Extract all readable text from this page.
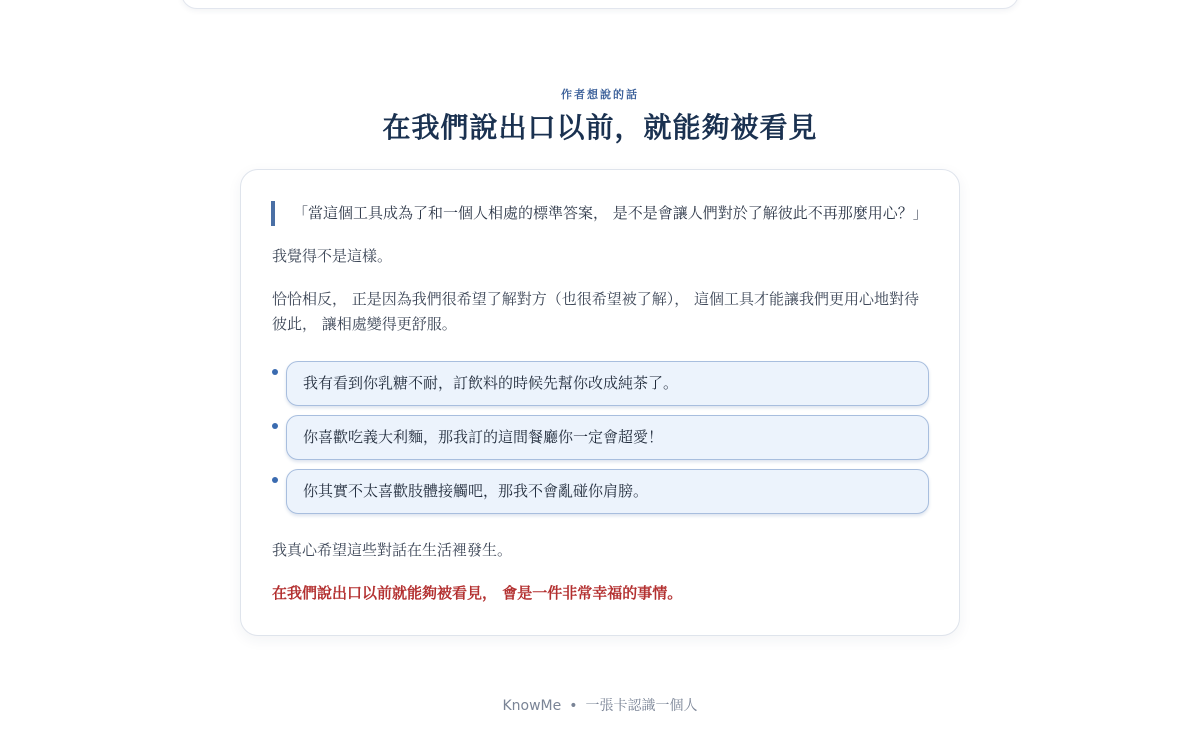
作者想說的話
在我們說出口以前，就能夠被看見
「當這個工具成為了和一個人相處的標準答案， 是不是會讓人們對於了解彼此不再那麼用心？」

我覺得不是這樣。

恰恰相反， 正是因為我們很希望了解對方（也很希望被了解）， 這個工具才能讓我們更用心地對待彼此， 讓相處變得更舒服。

我有看到你乳糖不耐，訂飲料的時候先幫你改成純茶了。
你喜歡吃義大利麵，那我訂的這間餐廳你一定會超愛！
你其實不太喜歡肢體接觸吧，那我不會亂碰你肩膀。

我真心希望這些對話在生活裡發生。

在我們說出口以前就能夠被看見， 會是一件非常幸福的事情。

KnowMe • 一張卡認識一個人
